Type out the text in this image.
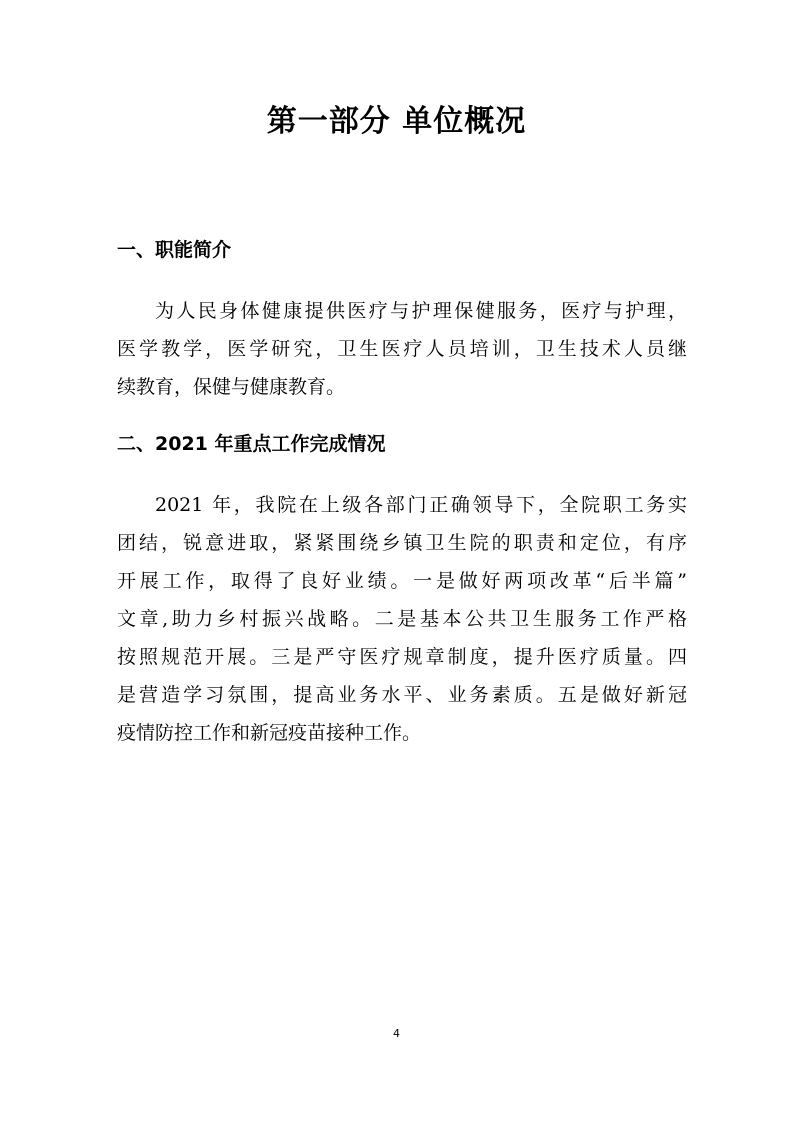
第一部分 单位概况
一、职能简介
为人民身体健康提供医疗与护理保健服务，医疗与护理，
医学教学，医学研究，卫生医疗人员培训，卫生技术人员继
续教育，保健与健康教育。
二、2021 年重点工作完成情况
2021 年，我院在上级各部门正确领导下，全院职工务实
团结，锐意进取，紧紧围绕乡镇卫生院的职责和定位，有序
开展工作，取得了良好业绩。一是做好两项改革“后半篇”
文章,助力乡村振兴战略。二是基本公共卫生服务工作严格
按照规范开展。三是严守医疗规章制度，提升医疗质量。四
是营造学习氛围，提高业务水平、业务素质。五是做好新冠
疫情防控工作和新冠疫苗接种工作。
4
